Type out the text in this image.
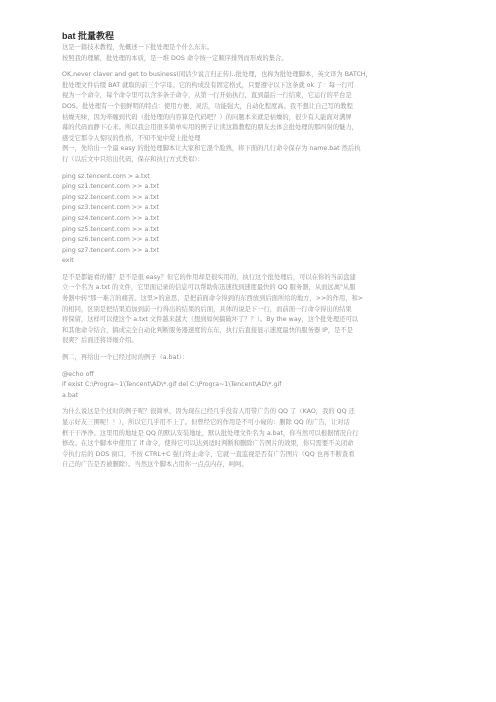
bat 批量教程

这是一篇技术教程，先概述一下批处理是个什么东东。

按照我的理解，批处理的本质，是一堆 DOS 命令按一定顺序排列而形成的集合。

OK,never claver and get to business(闲话少说言归正传)..批处理，也称为批处理脚本，英文译为 BATCH，

批处理文件后缀 BAT 就取的前三个字母。它的构成没有固定格式，只要遵守以下这条就 ok 了：每一行可

视为一个命令，每个命令里可以含多条子命令，从第一行开始执行，直到最后一行结束，它运行的平台是

DOS。批处理有一个很鲜明的特点：使用方便、灵活，功能强大，自动化程度高。我不想让自己写的教程

枯燥无味，因为牵缠到代码（批处理的内容算是代码吧？）的问题本来就是枯燥的，很少有人能面对满屏

幕的代码而静下心来。所以我会用很多简单实用的例子让读这篇教程的朋友去体会批处理的那四射的魅力，

感受它那令人惊叹的性格，不知不觉中爱上批处理

例一，先给出一个最 easy 的批处理脚本让大家和它混个脸熟，将下面的几行命令保存为 name.bat 然后执

行（以后文中只给出代码，保存和执行方式类似）：

ping sz.tencent.com > a.txt

ping sz1.tencent.com >> a.txt

ping sz2.tencent.com >> a.txt

ping sz3.tencent.com >> a.txt

ping sz4.tencent.com >> a.txt

ping sz5.tencent.com >> a.txt

ping sz6.tencent.com >> a.txt

ping sz7.tencent.com >> a.txt

exit

是不是都能看的懂？是不是很 easy？但它的作用却是很实用的，执行这个批处理后，可以在你的当前盘建

立一个名为 a.txt 的文件，它里面记录的信息可以帮助你迅速找到速度最快的 QQ 服务器，从而远离"从服

务器中转"那一难言的痛苦。这里>的意思，是把前面命令得到的东西放到后面所给的地方，>>的作用，和>

的相同，区别是把结果追加到前一行得出的结果的后面，具体的说是下一行，而前面一行命令得出的结果

将保留，这样可以使这个 a.txt 文件越来越大（想到如何搞破坏了？？）。By the way，这个批处理还可以

和其他命令结合，搞成完全自动化判断服务器速度的东东，执行后直接显示速度最快的服务器 IP，是不是

很爽？后面还将详细介绍。

例二，再给出一个已经过时的例子（a.bat）：

@echo off

if exist C:\Progra~1\Tencent\AD\*.gif del C:\Progra~1\Tencent\AD\*.gif

a.bat

为什么说这是个过时的例子呢？很简单，因为现在已经几乎没有人用带广告的 QQ 了（KAO，我的 QQ 还

显示好友三围呢！！），所以它几乎用不上了。但曾经它的作用是不可小窥的：删除 QQ 的广告，让对话

框干干净净。这里用的地址是 QQ 的默认安装地址，默认批处理文件名为 a.bat，你当然可以根据情况自行

修改。在这个脚本中使用了 if 命令，使得它可以达到适时判断和删除广告图片的效果，你只需要不关闭命

令执行后的 DOS 窗口，不按 CTRL+C 强行终止命令，它就一直监视是否有广告图片（QQ 也再不断查看

自己的广告是否被删除）。当然这个脚本占用你一点点内存，呵呵。
